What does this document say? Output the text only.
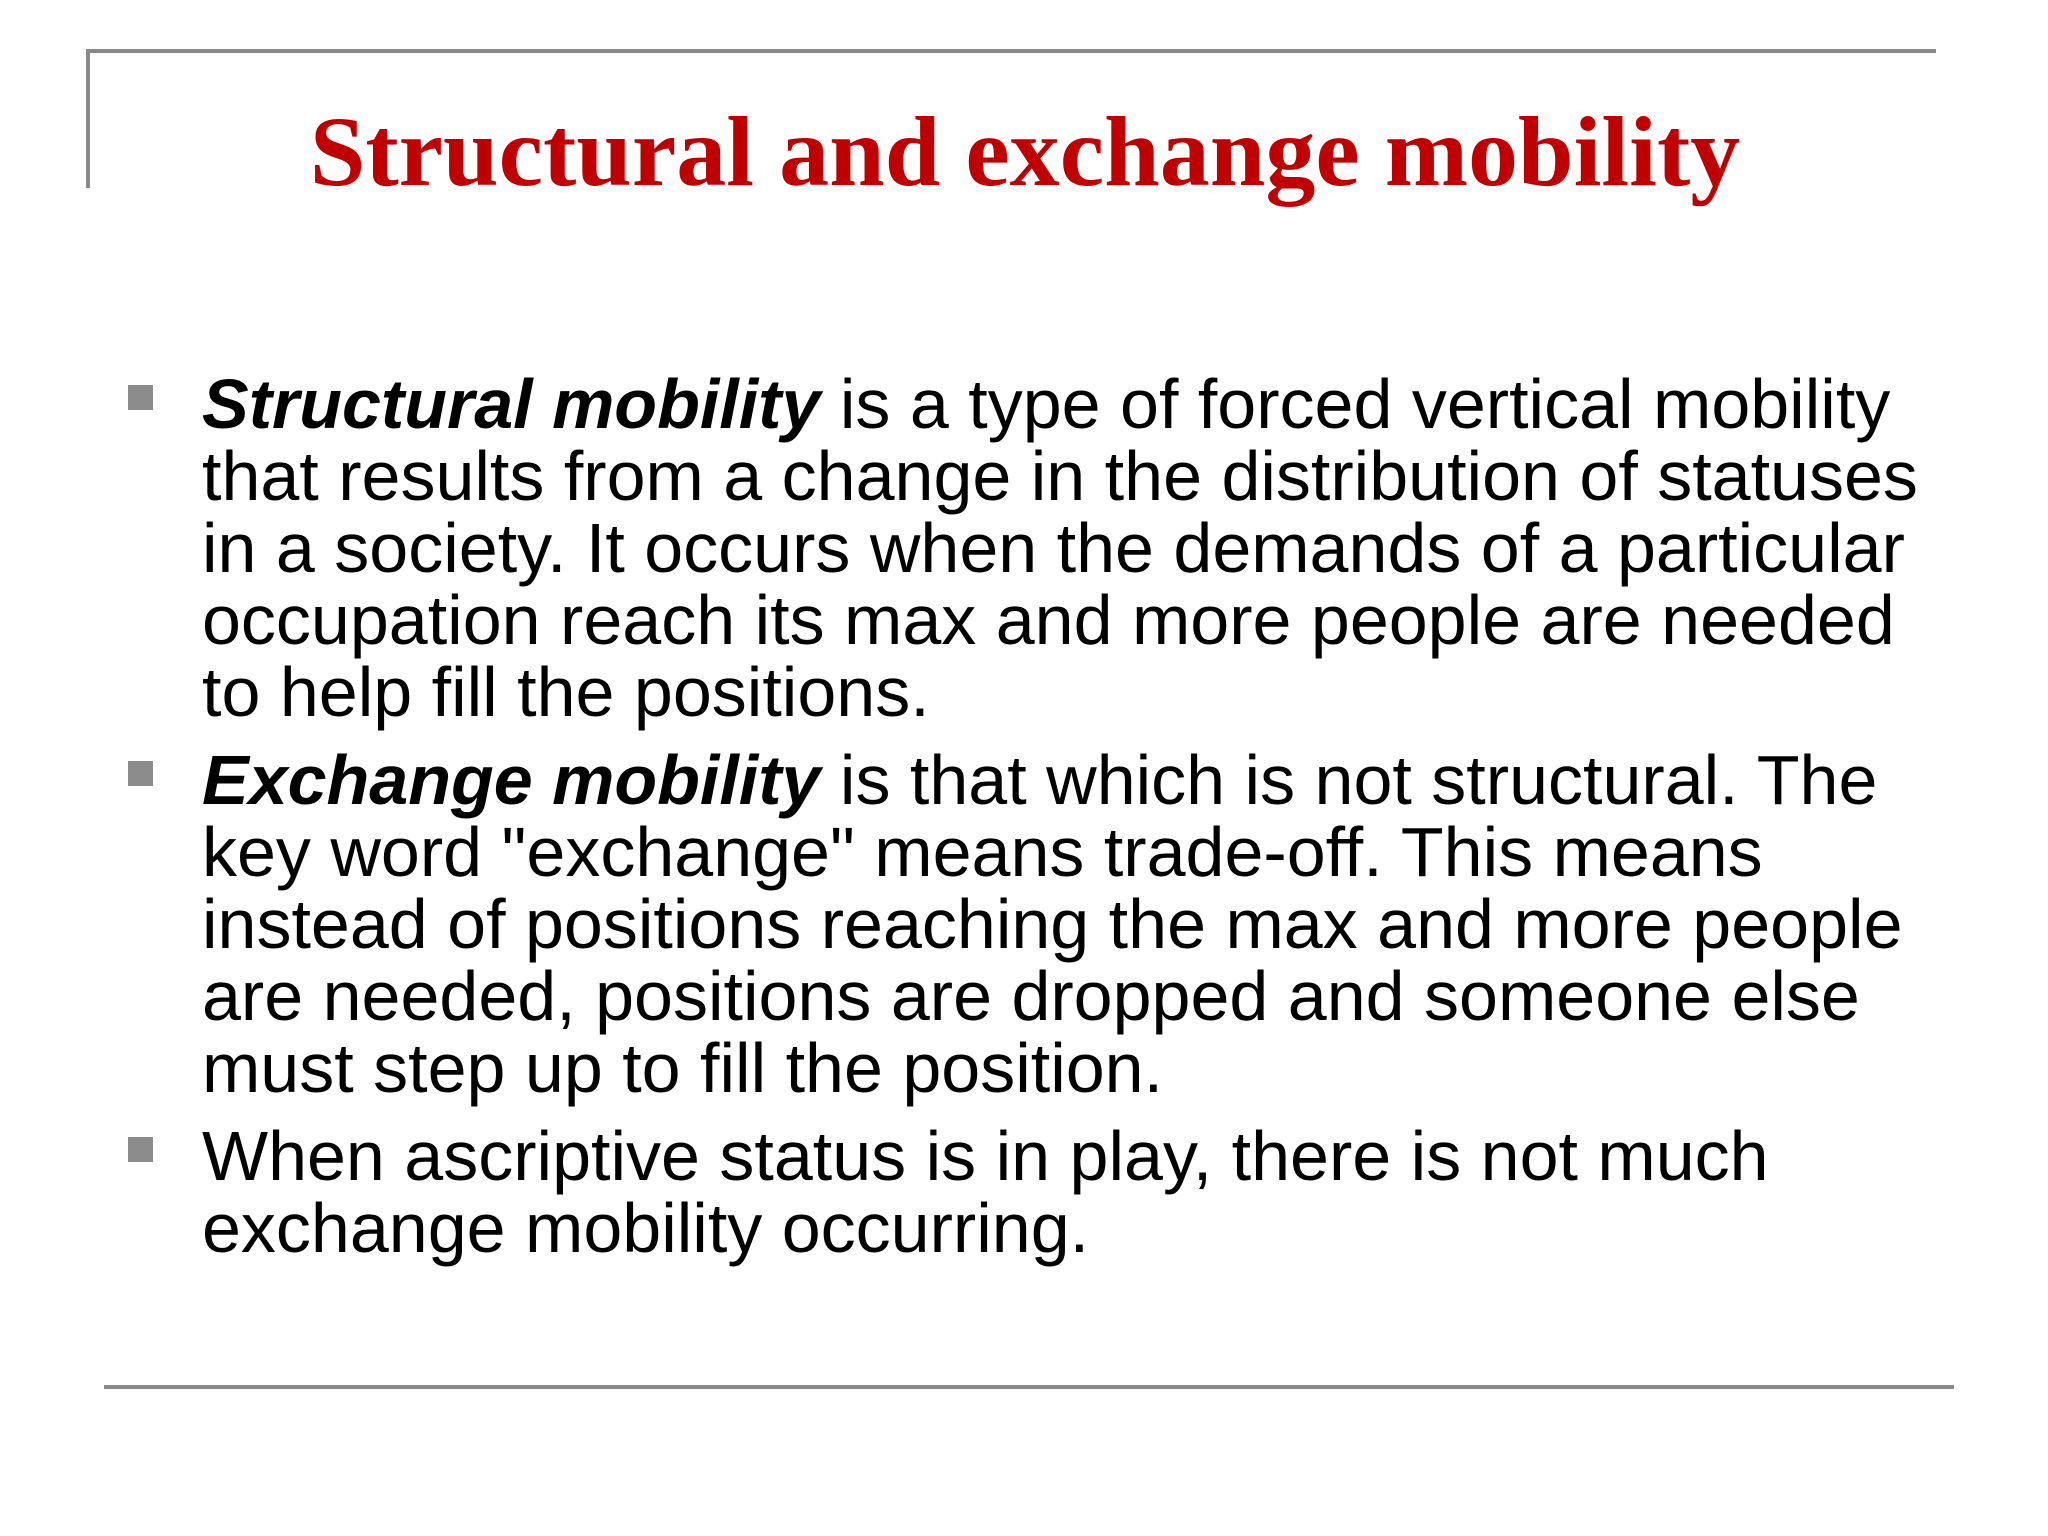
Structural and exchange mobility
Structural mobility is a type of forced vertical mobility that results from a change in the distribution of statuses in a society. It occurs when the demands of a particular occupation reach its max and more people are needed to help fill the positions.
Exchange mobility is that which is not structural. The key word "exchange" means trade-off. This means instead of positions reaching the max and more people are needed, positions are dropped and someone else must step up to fill the position.
When ascriptive status is in play, there is not much exchange mobility occurring.
